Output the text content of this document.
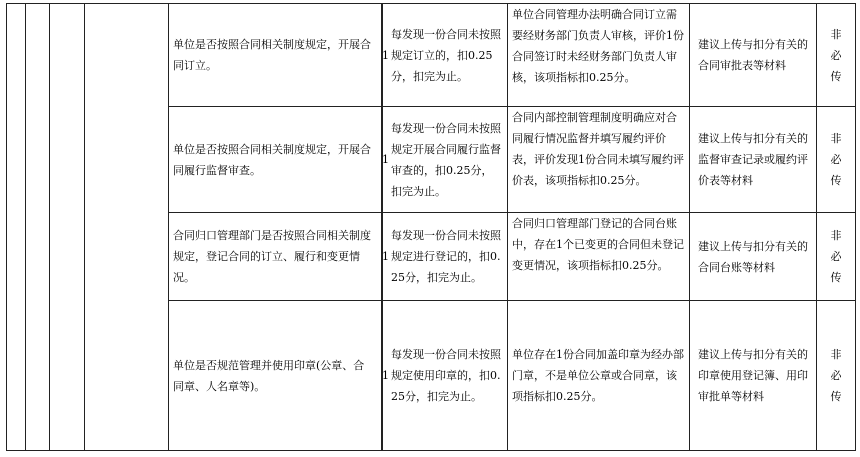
				单位是否按照合同相关制度规定，开展合同订立。	1	每发现一份合同未按照规定订立的，扣0.25分，扣完为止。	单位合同管理办法明确合同订立需要经财务部门负责人审核，评价1份合同签订时未经财务部门负责人审核，该项指标扣0.25分。	建议上传与扣分有关的合同审批表等材料	非必传
				单位是否按照合同相关制度规定，开展合同履行监督审查。	1	每发现一份合同未按照规定开展合同履行监督审查的，扣0.25分，扣完为止。	合同内部控制管理制度明确应对合同履行情况监督并填写履约评价表，评价发现1份合同未填写履约评价表，该项指标扣0.25分。	建议上传与扣分有关的监督审查记录或履约评价表等材料	非必传
				合同归口管理部门是否按照合同相关制度规定，登记合同的订立、履行和变更情况。	1	每发现一份合同未按照规定进行登记的，扣0.25分，扣完为止。	合同归口管理部门登记的合同台账中，存在1个已变更的合同但未登记变更情况，该项指标扣0.25分。	建议上传与扣分有关的合同台账等材料	非必传
				单位是否规范管理并使用印章(公章、合同章、人名章等)。	1	每发现一份合同未按照规定使用印章的，扣0.25分，扣完为止。	单位存在1份合同加盖印章为经办部门章，不是单位公章或合同章，该项指标扣0.25分。	建议上传与扣分有关的印章使用登记簿、用印审批单等材料	非必传
